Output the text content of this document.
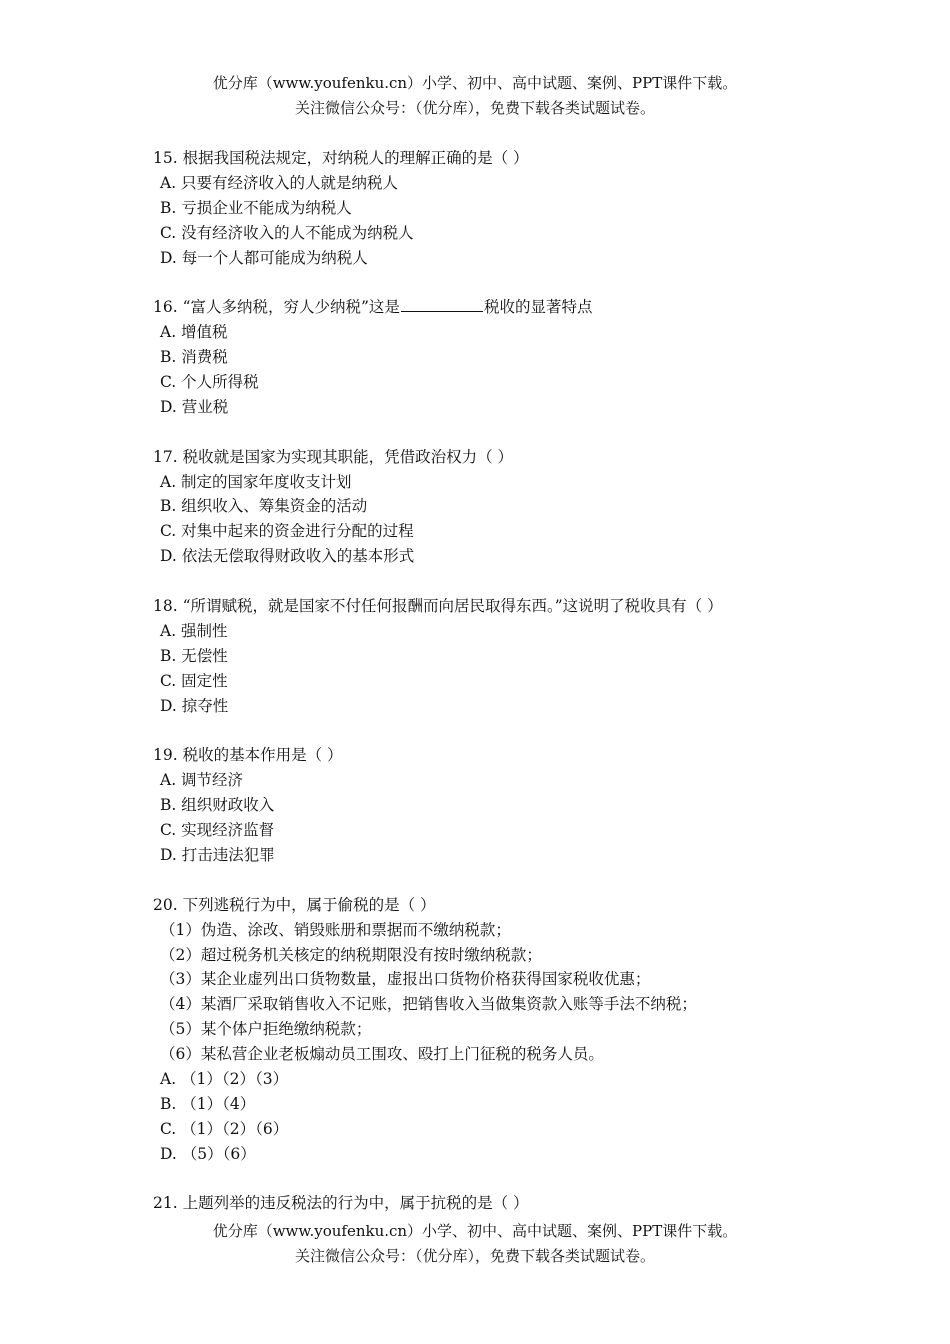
优分库（www.youfenku.cn）小学、初中、高中试题、案例、PPT课件下载。
关注微信公众号：（优分库），免费下载各类试题试卷。
15. 根据我国税法规定，对纳税人的理解正确的是（ ）
A. 只要有经济收入的人就是纳税人
B. 亏损企业不能成为纳税人
C. 没有经济收入的人不能成为纳税人
D. 每一个人都可能成为纳税人
16. “富人多纳税，穷人少纳税”这是	税收的显著特点
A. 增值税
B. 消费税
C. 个人所得税
D. 营业税
17. 税收就是国家为实现其职能，凭借政治权力（ ）
A. 制定的国家年度收支计划
B. 组织收入、筹集资金的活动
C. 对集中起来的资金进行分配的过程
D. 依法无偿取得财政收入的基本形式
18. “所谓赋税，就是国家不付任何报酬而向居民取得东西。”这说明了税收具有（ ）
A. 强制性
B. 无偿性
C. 固定性
D. 掠夺性
19. 税收的基本作用是（ ）
A. 调节经济
B. 组织财政收入
C. 实现经济监督
D. 打击违法犯罪
20. 下列逃税行为中，属于偷税的是（ ）
（1）伪造、涂改、销毁账册和票据而不缴纳税款；
（2）超过税务机关核定的纳税期限没有按时缴纳税款；
（3）某企业虚列出口货物数量，虚报出口货物价格获得国家税收优惠；
（4）某酒厂采取销售收入不记账，把销售收入当做集资款入账等手法不纳税；
（5）某个体户拒绝缴纳税款；
（6）某私营企业老板煽动员工围攻、殴打上门征税的税务人员。
A. （1）（2）（3）
B. （1）（4）
C. （1）（2）（6）
D. （5）（6）
21. 上题列举的违反税法的行为中，属于抗税的是（ ）
优分库（www.youfenku.cn）小学、初中、高中试题、案例、PPT课件下载。
关注微信公众号：（优分库），免费下载各类试题试卷。
